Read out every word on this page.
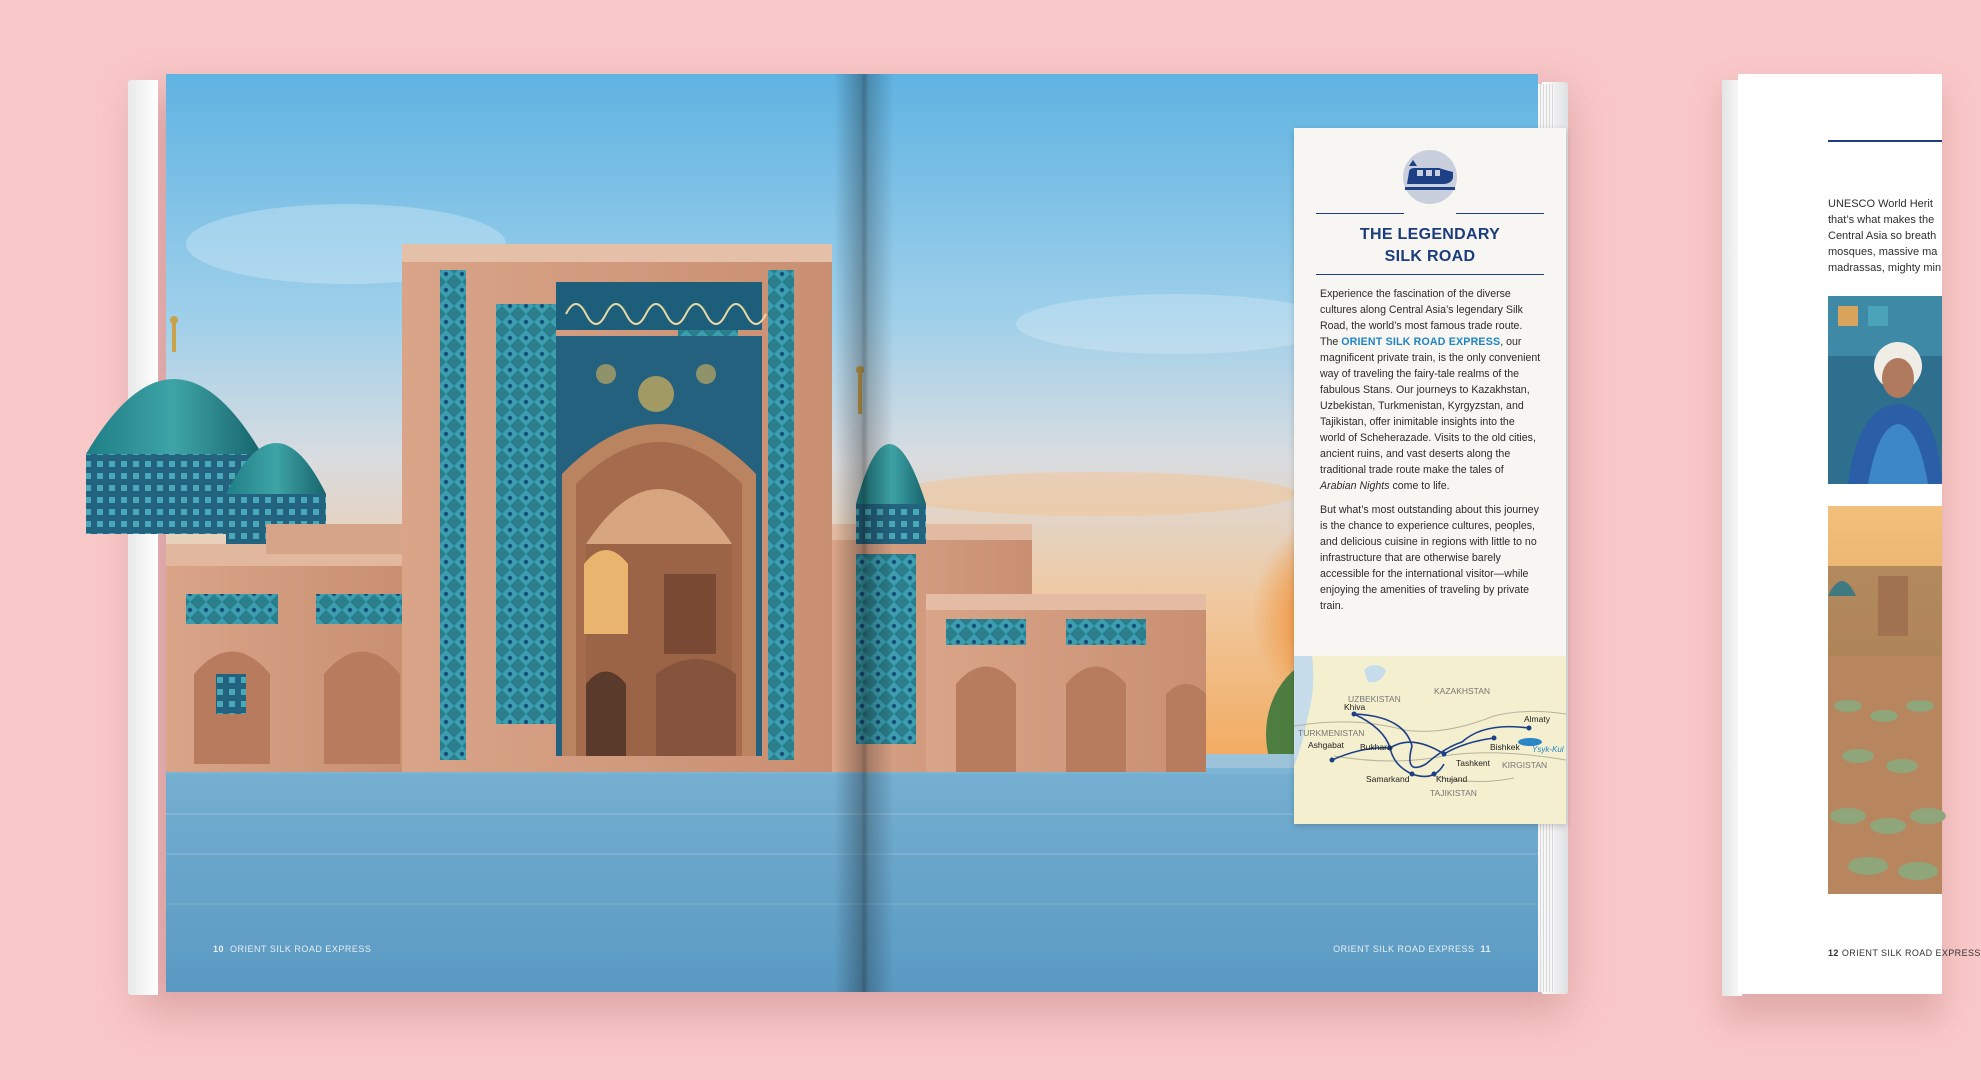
10 ORIENT SILK ROAD EXPRESS	ORIENT SILK ROAD EXPRESS 11
THE LEGENDARY
SILK ROAD

Experience the fascination of the diverse cultures along Central Asia’s legendary Silk Road, the world’s most famous trade route. The ORIENT SILK ROAD EXPRESS, our magnificent private train, is the only convenient way of traveling the fairy-tale realms of the fabulous Stans. Our journeys to Kazakhstan, Uzbekistan, Turkmenistan, Kyrgyzstan, and Tajikistan, offer inimitable insights into the world of Scheherazade. Visits to the old cities, ancient ruins, and vast deserts along the traditional trade route make the tales of Arabian Nights come to life.

But what’s most outstanding about this journey is the chance to experience cultures, peoples, and delicious cuisine in regions with little to no infrastructure that are otherwise barely accessible for the international visitor—while enjoying the amenities of traveling by private train.

UZBEKISTAN
KAZAKHSTAN
TURKMENISTAN
KIRGISTAN
TAJIKISTAN
Khiva
Almaty
Ashgabat Bukhara	Bishkek
Tashkent
Samarkand	Khujand
Ysyk-Kul
UNESCO World Herit
that’s what makes the
Central Asia so breath
mosques, massive ma
madrassas, mighty min
12 ORIENT SILK ROAD EXPRESS
